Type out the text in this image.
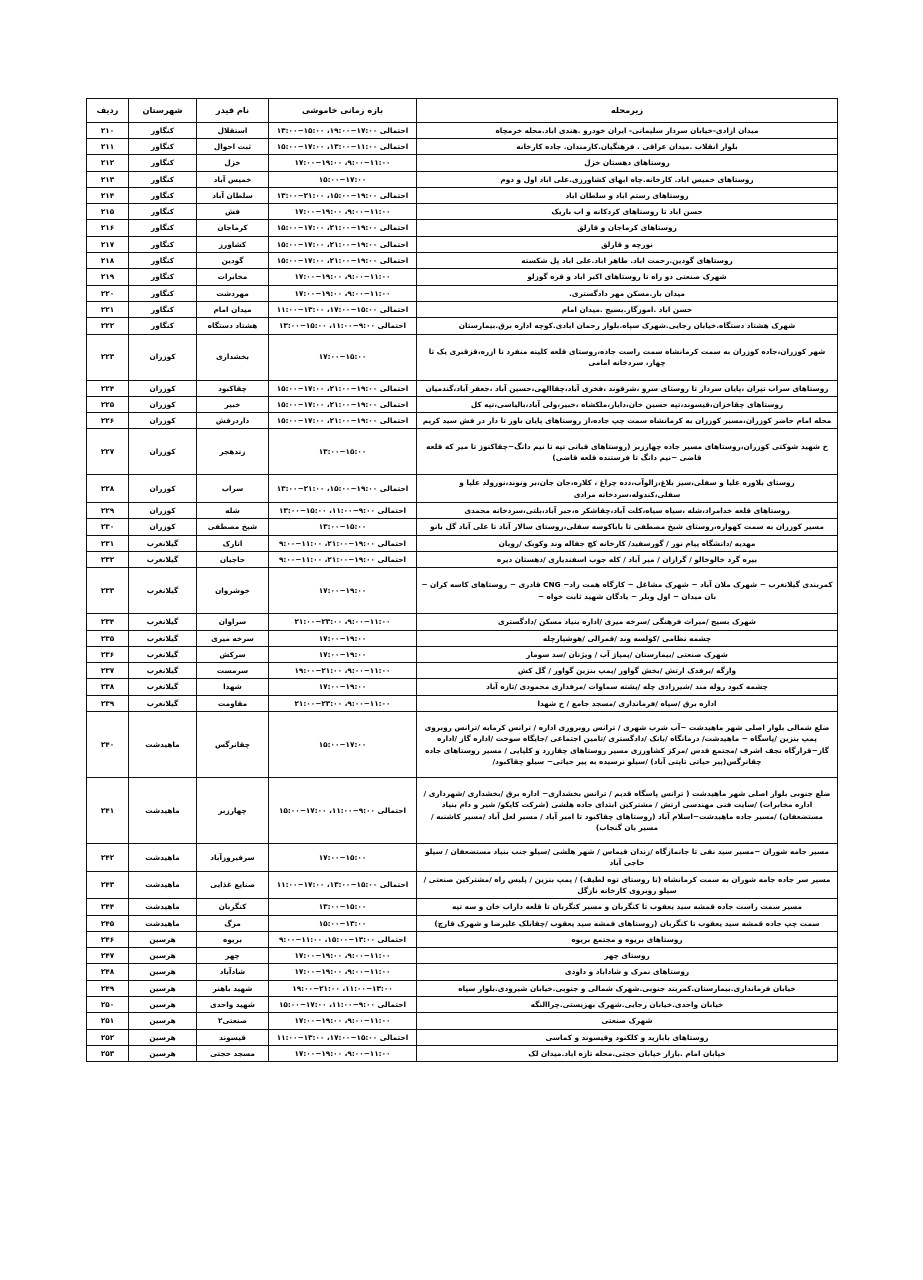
زیرمحله	بازه زمانی خاموشی	نام فیدر	شهرستان	ردیف
میدان ازادی-خیابان سردار سلیمانی- ایران خودرو .هندی اباد.محله خرمچاه	احتمالی ۱۷:۰۰−۱۹:۰۰، ۱۵:۰۰−۱۳:۰۰	استقلال	کنگاور	۲۱۰
بلوار انقلاب .میدان عراقی . فرهنگیان.کارمندان. جاده کارخانه	احتمالی ۱۱:۰۰−۱۳:۰۰، ۱۷:۰۰−۱۵:۰۰	ثبت احوال	کنگاور	۲۱۱
روستاهای دهستان خزل	۹:۰۰−۱۱:۰۰، ۱۷:۰۰−۱۹:۰۰	خزل	کنگاور	۲۱۲
روستاهای خمیس اباد. کارخانه.چاه ابهای کشاورزی.علی اباد اول و دوم	۱۵:۰۰−۱۷:۰۰	خمیس آباد	کنگاور	۲۱۳
روستاهای رستم اباد و سلطان اباد	احتمالی ۱۹:۰۰−۱۵:۰۰، ۲۱:۰۰−۱۳:۰۰	سلطان آباد	کنگاور	۲۱۴
حسن اباد تا روستاهای کردکانه و اب باریک	۹:۰۰−۱۱:۰۰، ۱۷:۰۰−۱۹:۰۰	فش	کنگاور	۲۱۵
روستاهای کرماجان و قارلق	احتمالی ۱۹:۰۰−۲۱:۰۰، ۱۷:۰۰−۱۵:۰۰	کرماجان	کنگاور	۲۱۶
نورچه و قارلق	احتمالی ۱۹:۰۰−۲۱:۰۰، ۱۷:۰۰−۱۵:۰۰	کشاورز	کنگاور	۲۱۷
روستاهای گودین.رحمت اباد. طاهر اباد.علی اباد پل شکسته	احتمالی ۱۹:۰۰−۲۱:۰۰، ۱۷:۰۰−۱۵:۰۰	گودین	کنگاور	۲۱۸
شهرک صنعتی دو راه تا روستاهای اکبر اباد و قره گوزلو	۹:۰۰−۱۱:۰۰، ۱۷:۰۰−۱۹:۰۰	مخابرات	کنگاور	۲۱۹
میدان بار.مسکن مهر دادگستری.	۹:۰۰−۱۱:۰۰، ۱۷:۰۰−۱۹:۰۰	مهردشت	کنگاور	۲۲۰
حسن اباد .اموزگار.بسیج .میدان امام	احتمالی ۱۵:۰۰−۱۷:۰۰، ۱۳:۰۰−۱۱:۰۰	میدان امام	کنگاور	۲۲۱
شهرک هشتاد دستگاه.خیابان رجایی.شهرک سپاه.بلوار رحمان ابادی.کوچه اداره برق.بیمارستان	احتمالی ۹:۰۰−۱۱:۰۰، ۱۵:۰۰−۱۳:۰۰	هشتاد دستگاه	کنگاور	۲۲۲
شهر کوزران،جاده کوزران به سمت کرمانشاه سمت راست جاده،روستای قلعه کلینه منفرد تا ازره،قزقبری یک تا چهار، سردخانه امامی	۱۷:۰۰−۱۵:۰۰	بخشداری	کوزران	۲۲۳
روستاهای سراب تپران ،پایان سردار تا روستای سرو ،شرقوند ،فخری آباد،چقاالهی،حسین آباد ،جعفر آباد،گندمیان	احتمالی ۱۹:۰۰−۲۱:۰۰، ۱۷:۰۰−۱۵:۰۰	چقاکبود	کوزران	۲۲۴
روستاهای چقاخزان،قیسوند،تپه حسین خان،دایار،ملکشاه ،خبیر،ولی آباد،بالیاسی،تپه کل	احتمالی ۱۹:۰۰−۲۱:۰۰، ۱۷:۰۰−۱۵:۰۰	خبیر	کوزران	۲۲۵
محله امام حاضر کوزران،مسیر کوزران به کرمانشاه سمت چپ جاده،از روستاهای پایان باور تا دار در فش سید کریم	احتمالی ۱۹:۰۰−۲۱:۰۰، ۱۷:۰۰−۱۵:۰۰	داردرفش	کوزران	۲۲۶
خ شهید شوکتی کوزران،روستاهای مسیر جاده چهارزبر (روستاهای قبانی تپه تا نیم دانگ−چقاکنوژ تا میر که قلعه قاضی −نیم دانگ تا فرستنده قلعه قاضی)	۱۳:۰۰−۱۵:۰۰	زندهجر	کوزران	۲۲۷
روستای بلاوره علیا و سفلی،سیز بلاغ،زالوآب،دده چراغ ، کلاره،جان جان،بر ونوند،نورولد علیا و سفلی،کندوله،سردخانه مرادی	احتمالی ۱۹:۰۰−۱۵:۰۰، ۲۱:۰۰−۱۳:۰۰	سراب	کوزران	۲۲۸
روستاهای قلعه خدامراد،شله ،سیاه سیاه،کلت آباد،چقاشکر ه،جبر آباد،بلتی،سردخانه محمدی	احتمالی ۹:۰۰−۱۱:۰۰، ۱۵:۰۰−۱۳:۰۰	شله	کوزران	۲۲۹
مسیر کوزران به سمت کهواره،روستای شیخ مصطفی تا باباکوسه سفلی،روستای سالار آباد تا علی آباد گل بانو	۱۳:۰۰−۱۵:۰۰	شیخ مصطفی	کوزران	۲۳۰
مهدیه /دانشگاه پیام نور / گورسفید/ کارخانه کچ جفاله وند وکوبک /رویان	احتمالی ۱۹:۰۰−۲۱:۰۰، ۱۱:۰۰−۹:۰۰	اتارک	گیلانغرب	۲۳۱
بیره گرد خالوخالو / گرازان / میر آباد / کله جوب اسفندیاری /دهستان دیره	احتمالی ۱۹:۰۰−۲۱:۰۰، ۱۱:۰۰−۹:۰۰	حاجیان	گیلانغرب	۲۳۲
کمربندی گیلانغرب − شهرک ملان آباد − شهرک مشاغل − کارگاه همت زاد− CNG قادری − روستاهای کاسه کران − بان میدان − اول وبلر − یادگان شهید ثابت خواه −	۱۷:۰۰−۱۹:۰۰	خوشروان	گیلانغرب	۲۳۳
شهرک بسیج /میراث فرهنگی /سرخه میری /اداره بنیاد مسکن /دادگستری	۹:۰۰−۱۱:۰۰، ۲۱:۰۰−۲۳:۰۰	سراوان	گیلانغرب	۲۳۴
چشمه نظامی /کولسه وند /قمرالی /هوشیارچله	۱۷:۰۰−۱۹:۰۰	سرخه میری	گیلانغرب	۲۳۵
شهرک صنعتی /بیمارستان /پمپاژ آب / ویژنان /سد سومار	۱۷:۰۰−۱۹:۰۰	سرکش	گیلانغرب	۲۳۶
وارگه /برفدک ارتش /بخش گواور /پمپ بنزین گواور / گل کش	۹:۰۰−۱۱:۰۰، ۱۹:۰۰−۲۱:۰۰	سرمست	گیلانغرب	۲۳۷
چشمه کبود روله مند /شیرزادی چله /پشته سماوات /مرفداری محمودی /تازه آباد	۱۷:۰۰−۱۹:۰۰	شهدا	گیلانغرب	۲۳۸
اداره برق /سپاه /فرمانداری /مسجد جامع / خ شهدا	۹:۰۰−۱۱:۰۰، ۲۱:۰۰−۲۳:۰۰	مقاومت	گیلانغرب	۲۳۹
ضلع شمالی بلوار اصلی شهر ماهیدشت −آب شرب شهری / ترانس روبروری اداره / ترانس کرمابه /ترانس روبروی پمپ بنزین /پاسگاه − ماهیدشت/ درمانگاه /بانک /دادگستری /تامین اجتماعی /جایگاه سوخت /اداره گاز /اداره گاز−قرارگاه نجف اشرف /مجتمع قدس /مرکز کشاورزی مسیر روستاهای چقازرد و کلیایی / مسیر روستاهای جاده چقانرگس(پیر حیاتی تاپتی آباد) /سیلو نرسیده به پیر حیاتی− سیلو چقاکبود/	۱۵:۰۰−۱۷:۰۰	چقانرگس	ماهیدشت	۲۴۰
ضلع جنوبی بلوار اصلی شهر ماهیدشت ( ترانس پاسگاه قدیم / ترانس بخشداری− اداره برق /بخشداری /شهرداری /اداره مخابرات) /سایت فنی مهندسی ارتش / مشترکین ابتدای جاده هلشی (شرکت کایکو/ شیر و دام بنیاد مستضعفان) /مسیر جاده ماهیدشت−اسلام آباد (روستاهای چقاکبود تا امیر آباد / مسیر لعل آباد /مسیر کاشنبه / مسیر بان گنجاب)	احتمالی ۹:۰۰−۱۱:۰۰، ۱۷:۰۰−۱۵:۰۰	چهارزبر	ماهیدشت	۲۴۱
مسیر جامه شوران −مسیر سید نقی تا جانمازگاه /زندان قیماس / شهر هلشی /سیلو جنب بنیاد مستضعفان / سیلو حاجی آباد	۱۷:۰۰−۱۵:۰۰	سرفیروزآباد	ماهیدشت	۲۴۲
مسیر سر جاده جامه شوران به سمت کرمانشاه (تا روستای توه لطیف) / پمپ بنزین / پلیس راه /مشترکین صنعتی /سیلو روبروی کارخانه نازگل	احتمالی ۱۵:۰۰−۱۳:۰۰، ۱۷:۰۰−۱۱:۰۰	صنایع غذایی	ماهیدشت	۲۴۳
مسیر سمت راست جاده قمشه سید یعقوب تا کنگربان و مسیر کنگربان تا قلعه داراب خان و سه تپه	۱۳:۰۰−۱۵:۰۰	کنگربان	ماهیدشت	۲۴۴
سمت چپ جاده قمشه سید یعقوب تا کنگربان (روستاهای قمشه سید یعقوب /چقابلک علیرضا و شهرک قارچ)	۱۵:۰۰−۱۳:۰۰	مرگ	ماهیدشت	۲۴۵
روستاهای بریوه و مجتمع بریوه	احتمالی ۱۳:۰۰−۱۵:۰۰، ۱۱:۰۰−۹:۰۰	بریوه	هرسین	۲۴۶
روستای چهر	۹:۰۰−۱۱:۰۰، ۱۷:۰۰−۱۹:۰۰	چهر	هرسین	۲۴۷
روستاهای نمرک و شاداباد و داودی	۹:۰۰−۱۱:۰۰، ۱۷:۰۰−۱۹:۰۰	شادآباد	هرسین	۲۴۸
خیابان فرمانداری.بیمارستان.کمربند جنوبی.شهرک شمالی و جنوبی.خیابان شیرودی.بلوار سپاه	۱۱:۰۰−۱۳:۰۰، ۱۹:۰۰−۲۱:۰۰	شهید باهنر	هرسین	۲۴۹
خیابان واحدی.خیابان رجایی.شهرک بهزیستی.چراالنگه	احتمالی ۹:۰۰−۱۱:۰۰، ۱۷:۰۰−۱۵:۰۰	شهید واحدی	هرسین	۲۵۰
شهرک صنعتی	۹:۰۰−۱۱:۰۰، ۱۷:۰۰−۱۹:۰۰	صنعتی۲	هرسین	۲۵۱
روستاهای بابازید و کلکنود وقیسوند و کماسی	احتمالی ۱۵:۰۰−۱۷:۰۰، ۱۳:۰۰−۱۱:۰۰	قیسوند	هرسین	۲۵۲
خیابان امام .بازار خیابان حجتی.محله تازه اباد.میدان لک	۹:۰۰−۱۱:۰۰، ۱۷:۰۰−۱۹:۰۰	مسجد حجتی	هرسین	۲۵۳
